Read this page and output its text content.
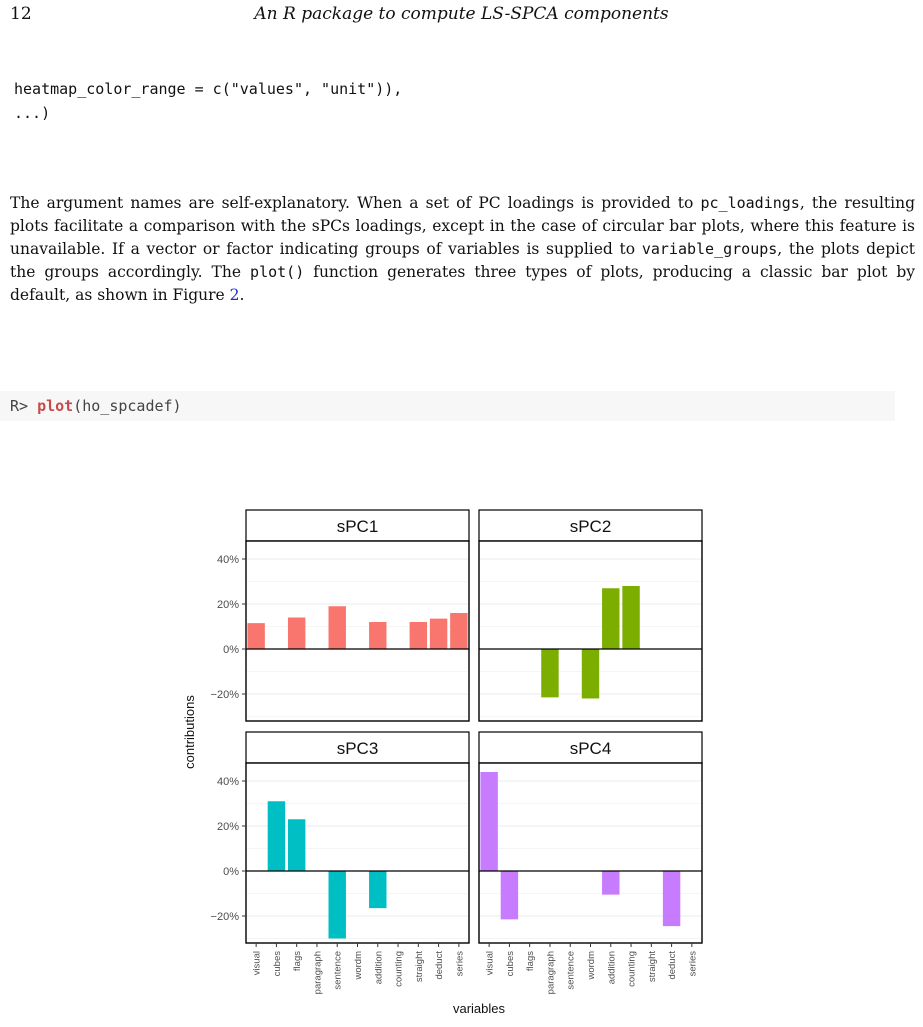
12	An R package to compute LS-SPCA components
heatmap_color_range = c("values", "unit")),
...)

The argument names are self-explanatory. When a set of PC loadings is provided to pc_loadings, the resulting plots facilitate a comparison with the sPCs loadings, except in the case of circular bar plots, where this feature is unavailable. If a vector or factor indicating groups of variables is supplied to variable_groups, the plots depict the groups accordingly. The plot() function generates three types of plots, producing a classic bar plot by default, as shown in Figure 2.

R> plot(ho_spcadef)
sPC1
−20%
0%
20%
40%
sPC2
sPC3
−20%
0%
20%
40%
visual cubes flags paragraph sentence wordm addition counting straight deduct series
sPC4
visual cubes flags paragraph sentence wordm addition counting straight deduct series
contributions
variables
